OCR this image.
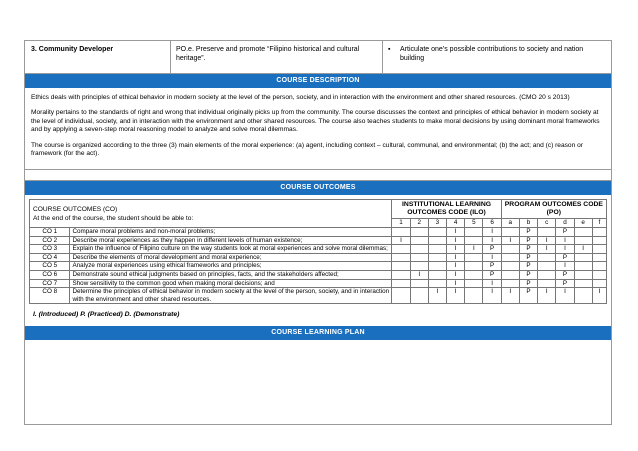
3. Community Developer	PO.e. Preserve and promote “Filipino historical and cultural heritage”.
▪	Articulate one’s possible contributions to society and nation building
COURSE DESCRIPTION

Ethics deals with principles of ethical behavior in modern society at the level of the person, society, and in interaction with the environment and other shared resources. (CMO 20 s 2013)

Morality pertains to the standards of right and wrong that individual originally picks up from the community. The course discusses the context and principles of ethical behavior in modern society at the level of individual, society, and in interaction with the environment and other shared resources. The course also teaches students to make moral decisions by using dominant moral frameworks and by applying a seven-step moral reasoning model to analyze and solve moral dilemmas.

The course is organized according to the three (3) main elements of the moral experience: (a) agent, including context – cultural, communal, and environmental; (b) the act; and (c) reason or framework (for the act).

COURSE OUTCOMES
COURSE OUTCOMES (CO)
At the end of the course, the student should be able to:		INSTITUTIONAL LEARNING OUTCOMES CODE (ILO)						PROGRAM OUTCOMES CODE (PO)					
		1	2	3	4	5	6	a	b	c	d	e	f
CO 1	Compare moral problems and non-moral problems;				I		I		P		P		
CO 2	Describe moral experiences as they happen in different levels of human existence;	I			I		I	I	P	I	I		
CO 3	Explain the influence of Filipino culture on the way students look at moral experiences and solve moral dilemmas;				I	I	P		P	I	I	I	
CO 4	Describe the elements of moral development and moral experience;				I		I		P		P		
CO 5	Analyze moral experiences using ethical frameworks and principles;				I		P		P		I		
CO 6	Demonstrate sound ethical judgments based on principles, facts, and the stakeholders affected;		I		I		P		P		P		
CO 7	Show sensitivity to the common good when making moral decisions; and				I		I		P		P		
CO 8	Determine the principles of ethical behavior in modern society at the level of the person, society, and in interaction with the environment and other shared resources.			I	I		I	I	P	I	I		I
I. (Introduced) P. (Practiced) D. (Demonstrate)
COURSE LEARNING PLAN
